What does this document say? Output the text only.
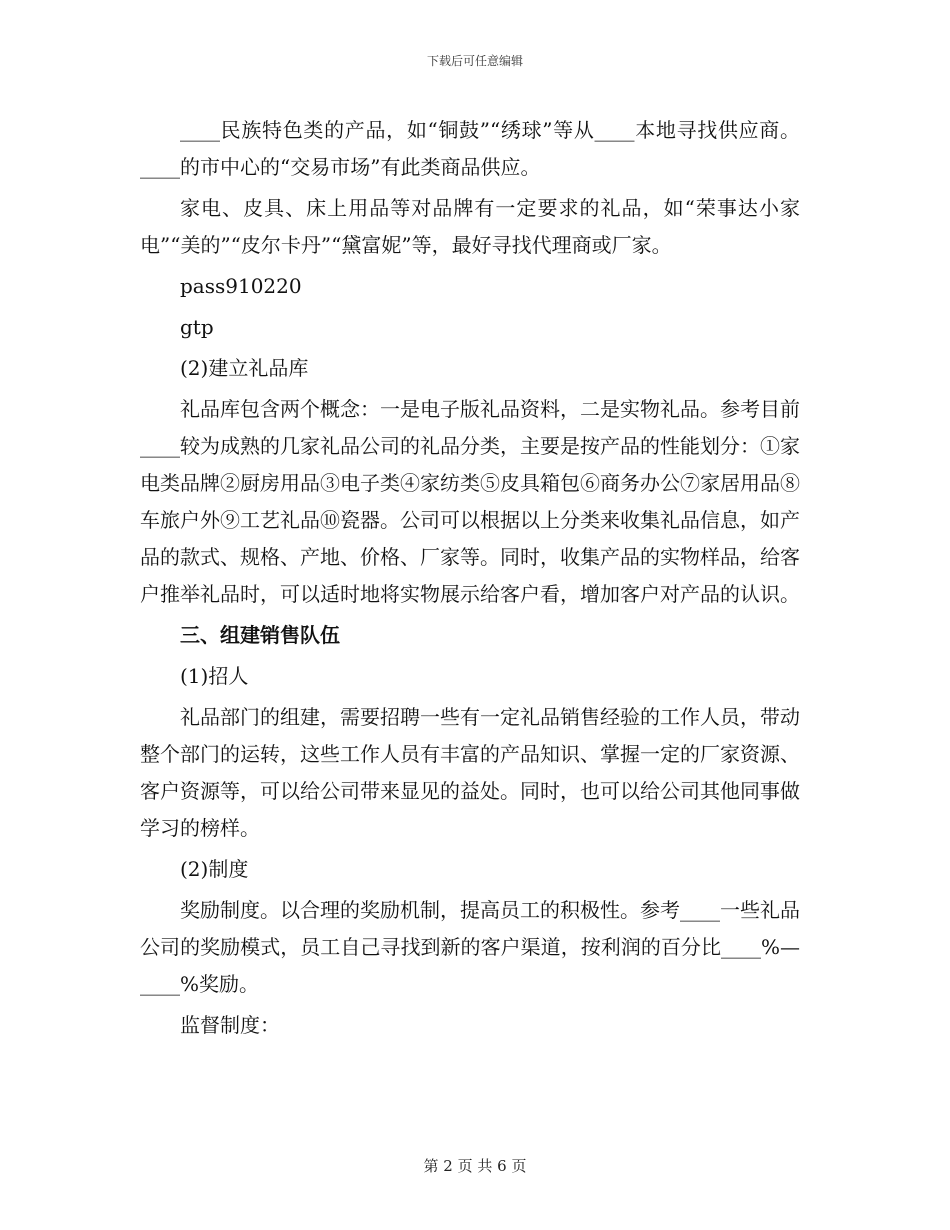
下载后可任意编辑

____民族特色类的产品，如“铜鼓”“绣球”等从____本地寻找供应商。____的市中心的“交易市场”有此类商品供应。

家电、皮具、床上用品等对品牌有一定要求的礼品，如“荣事达小家电”“美的”“皮尔卡丹”“黛富妮”等，最好寻找代理商或厂家。

pass910220

gtp

(2)建立礼品库

礼品库包含两个概念：一是电子版礼品资料，二是实物礼品。参考目前____较为成熟的几家礼品公司的礼品分类，主要是按产品的性能划分：①家电类品牌②厨房用品③电子类④家纺类⑤皮具箱包⑥商务办公⑦家居用品⑧车旅户外⑨工艺礼品⑩瓷器。公司可以根据以上分类来收集礼品信息，如产品的款式、规格、产地、价格、厂家等。同时，收集产品的实物样品，给客户推举礼品时，可以适时地将实物展示给客户看，增加客户对产品的认识。

三、组建销售队伍

(1)招人

礼品部门的组建，需要招聘一些有一定礼品销售经验的工作人员，带动整个部门的运转，这些工作人员有丰富的产品知识、掌握一定的厂家资源、客户资源等，可以给公司带来显见的益处。同时，也可以给公司其他同事做学习的榜样。

(2)制度

奖励制度。以合理的奖励机制，提高员工的积极性。参考____一些礼品公司的奖励模式，员工自己寻找到新的客户渠道，按利润的百分比____%—____%奖励。

监督制度：

第 2 页 共 6 页
